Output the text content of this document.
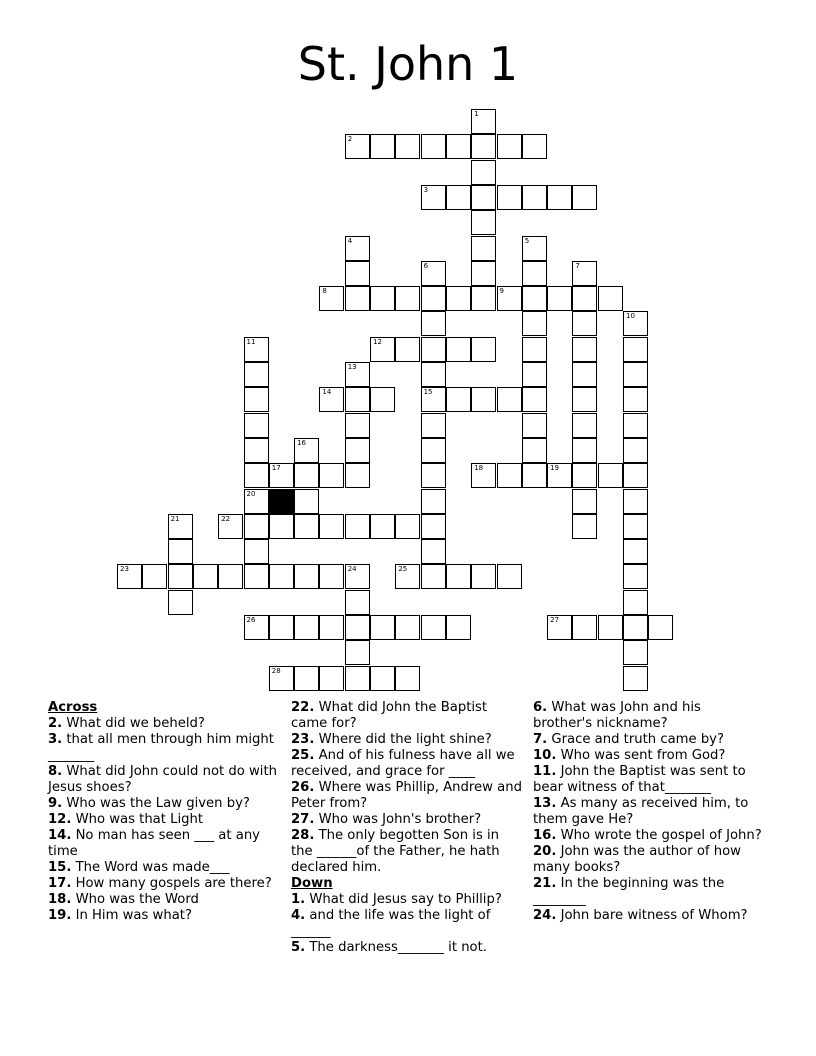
St. John 1
2
3
8	9
12
14	15
17	18	19
22
23	25
26	27
28
1
4	5
6	7
10
11
13
16
20
21
24
Across
2. What did we beheld?
3. that all men through him might _______
8. What did John could not do with Jesus shoes?
9. Who was the Law given by?
12. Who was that Light
14. No man has seen ___ at any time
15. The Word was made___
17. How many gospels are there?
18. Who was the Word
19. In Him was what?
22. What did John the Baptist came for?
23. Where did the light shine?
25. And of his fulness have all we received, and grace for ____
26. Where was Phillip, Andrew and Peter from?
27. Who was John's brother?
28. The only begotten Son is in the ______of the Father, he hath declared him.
Down
1. What did Jesus say to Phillip?
4. and the life was the light of ______
5. The darkness_______ it not.
6. What was John and his brother's nickname?
7. Grace and truth came by?
10. Who was sent from God?
11. John the Baptist was sent to bear witness of that_______
13. As many as received him, to them gave He?
16. Who wrote the gospel of John?
20. John was the author of how many books?
21. In the beginning was the ________
24. John bare witness of Whom?
